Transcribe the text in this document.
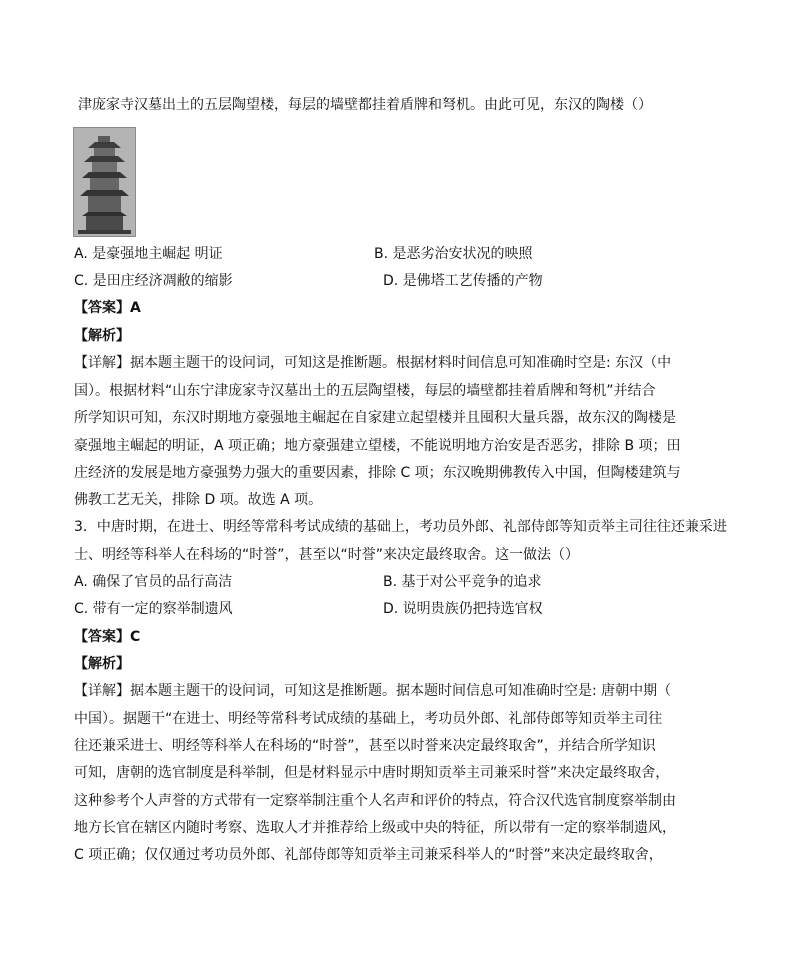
津庞家寺汉墓出土的五层陶望楼，每层的墙壁都挂着盾牌和弩机。由此可见，东汉的陶楼（）
A. 是豪强地主崛起 明证	B. 是恶劣治安状况的映照
C. 是田庄经济凋敝的缩影	D. 是佛塔工艺传播的产物
【答案】A
【解析】
【详解】据本题主题干的设问词，可知这是推断题。根据材料时间信息可知准确时空是: 东汉（中
国）。根据材料“山东宁津庞家寺汉墓出土的五层陶望楼，每层的墙壁都挂着盾牌和弩机”并结合
所学知识可知，东汉时期地方豪强地主崛起在自家建立起望楼并且囤积大量兵器，故东汉的陶楼是
豪强地主崛起的明证，A 项正确；地方豪强建立望楼，不能说明地方治安是否恶劣，排除 B 项；田
庄经济的发展是地方豪强势力强大的重要因素，排除 C 项；东汉晚期佛教传入中国，但陶楼建筑与
佛教工艺无关，排除 D 项。故选 A 项。
3．中唐时期，在进士、明经等常科考试成绩的基础上，考功员外郎、礼部侍郎等知贡举主司往往还兼采进
士、明经等科举人在科场的“时誉”，甚至以“时誉”来决定最终取舍。这一做法（）
A. 确保了官员的品行高洁	B. 基于对公平竞争的追求
C. 带有一定的察举制遗风	D. 说明贵族仍把持选官权
【答案】C
【解析】
【详解】据本题主题干的设问词，可知这是推断题。据本题时间信息可知准确时空是: 唐朝中期（
中国）。据题干“在进士、明经等常科考试成绩的基础上，考功员外郎、礼部侍郎等知贡举主司往
往还兼采进士、明经等科举人在科场的“时誉”，甚至以时誉来决定最终取舍”，并结合所学知识
可知，唐朝的选官制度是科举制，但是材料显示中唐时期知贡举主司兼采时誉”来决定最终取舍，
这种参考个人声誉的方式带有一定察举制注重个人名声和评价的特点，符合汉代选官制度察举制由
地方长官在辖区内随时考察、选取人才并推荐给上级或中央的特征，所以带有一定的察举制遗风，
C 项正确；仅仅通过考功员外郎、礼部侍郎等知贡举主司兼采科举人的“时誉”来决定最终取舍，
